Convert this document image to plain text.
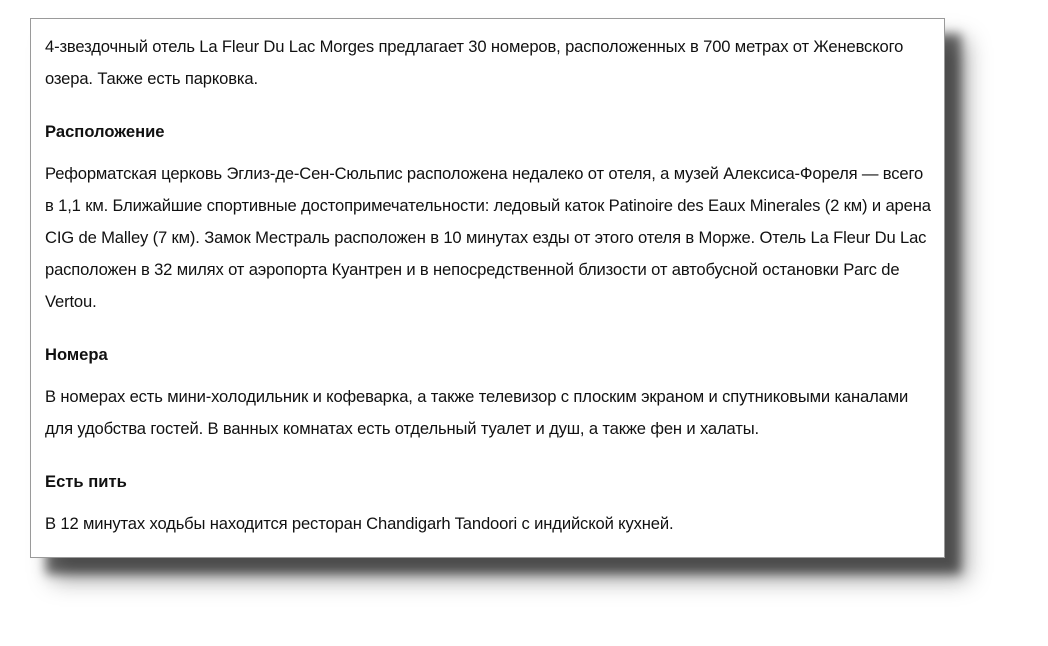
4-звездочный отель La Fleur Du Lac Morges предлагает 30 номеров, расположенных в 700 метрах от Женевского озера. Также есть парковка.

Расположение

Реформатская церковь Эглиз-де-Сен-Сюльпис расположена недалеко от отеля, а музей Алексиса-Фореля — всего в 1,1 км. Ближайшие спортивные достопримечательности: ледовый каток Patinoire des Eaux Minerales (2 км) и арена CIG de Malley (7 км). Замок Местраль расположен в 10 минутах езды от этого отеля в Морже. Отель La Fleur Du Lac расположен в 32 милях от аэропорта Куантрен и в непосредственной близости от автобусной остановки Parc de Vertou.

Номера

В номерах есть мини-холодильник и кофеварка, а также телевизор с плоским экраном и спутниковыми каналами для удобства гостей. В ванных комнатах есть отдельный туалет и душ, а также фен и халаты.

Есть пить

В 12 минутах ходьбы находится ресторан Chandigarh Tandoori с индийской кухней.
